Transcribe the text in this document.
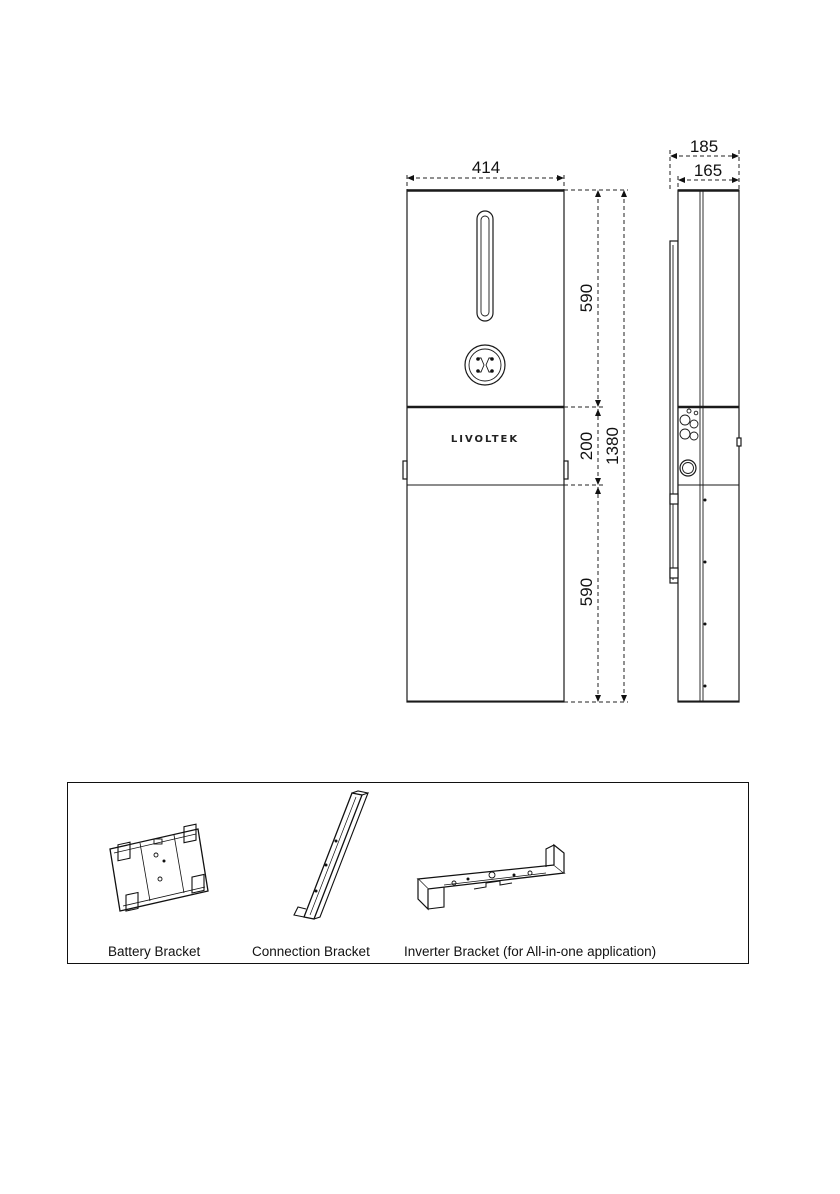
414
LIVOLTEK
590
200
590
1380
185
165
Battery Bracket	Connection Bracket	Inverter Bracket (for All-in-one application)
